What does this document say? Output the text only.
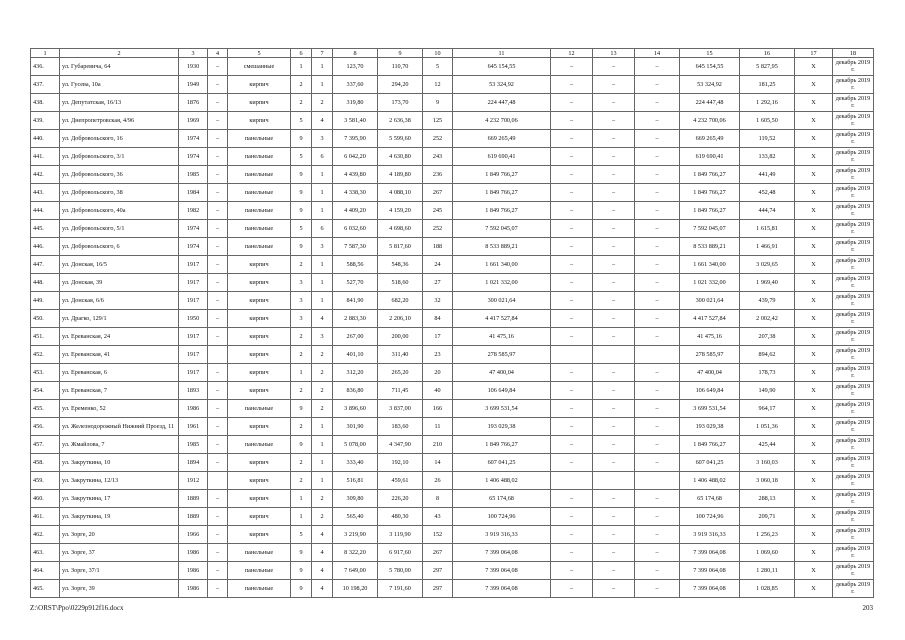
1	2	3	4	5	6	7	8	9	10	11	12	13	14	15	16	17	18
436.	ул. Губаревича, 64	1930	–	смешанные	1	1	123,70	110,70	5	645 154,55	–	–	–	645 154,55	5 827,95	Х	декабрь 2019 г.
437.	ул. Гусева, 10а	1949	–	кирпич	2	1	337,60	294,20	12	53 324,92	–	–	–	53 324,92	181,25	Х	декабрь 2019 г.
438.	ул. Депутатская, 16/13	1876	–	кирпич	2	2	319,80	173,70	9	224 447,48	–	–	–	224 447,48	1 292,16	Х	декабрь 2019 г.
439.	ул. Днепропетровская, 4/96	1969	–	кирпич	5	4	3 581,40	2 636,38	125	4 232 700,06	–	–	–	4 232 700,06	1 605,50	Х	декабрь 2019 г.
440.	ул. Добровольского, 16	1974	–	панельные	9	3	7 395,90	5 599,60	252	669 265,49	–	–	–	669 265,49	119,52	Х	декабрь 2019 г.
441.	ул. Добровольского, 3/1	1974	–	панельные	5	6	6 042,20	4 630,80	243	619 690,41	–	–	–	619 690,41	133,82	Х	декабрь 2019 г.
442.	ул. Добровольского, 36	1985	–	панельные	9	1	4 439,80	4 189,80	236	1 849 766,27	–	–	–	1 849 766,27	441,49	Х	декабрь 2019 г.
443.	ул. Добровольского, 38	1984	–	панельные	9	1	4 338,30	4 088,10	267	1 849 766,27	–	–	–	1 849 766,27	452,48	Х	декабрь 2019 г.
444.	ул. Добровольского, 40а	1982	–	панельные	9	1	4 409,20	4 159,20	245	1 849 766,27	–	–	–	1 849 766,27	444,74	Х	декабрь 2019 г.
445.	ул. Добровольского, 5/1	1974	–	панельные	5	6	6 032,60	4 698,60	252	7 592 045,07	–	–	–	7 592 045,07	1 615,81	Х	декабрь 2019 г.
446.	ул. Добровольского, 6	1974	–	панельные	9	3	7 587,30	5 817,60	188	8 533 889,21	–	–	–	8 533 889,21	1 466,91	Х	декабрь 2019 г.
447.	ул. Донская, 16/5	1917	–	кирпич	2	1	588,56	548,36	24	1 661 340,00	–	–	–	1 661 340,00	3 029,65	Х	декабрь 2019 г.
448.	ул. Донская, 39	1917	–	кирпич	3	1	527,70	518,60	27	1 021 332,00	–	–	–	1 021 332,00	1 969,40	Х	декабрь 2019 г.
449.	ул. Донская, 6/6	1917	–	кирпич	3	1	841,90	682,20	32	300 021,64	–	–	–	300 021,64	439,79	Х	декабрь 2019 г.
450.	ул. Драгко, 129/1	1950	–	кирпич	3	4	2 883,30	2 206,10	84	4 417 527,84	–	–	–	4 417 527,84	2 002,42	Х	декабрь 2019 г.
451.	ул. Ереванская, 24	1917	–	кирпич	2	3	267,00	200,00	17	41 475,16	–	–	–	41 475,16	207,38	Х	декабрь 2019 г.
452.	ул. Ереванская, 41	1917		кирпич	2	2	401,10	311,40	23	278 585,97				278 585,97	894,62	Х	декабрь 2019 г.
453.	ул. Ереванская, 6	1917	–	кирпич	1	2	312,20	265,20	20	47 400,04	–	–	–	47 400,04	178,73	Х	декабрь 2019 г.
454.	ул. Ереванская, 7	1893	–	кирпич	2	2	836,80	711,45	40	106 649,84	–	–	–	106 649,84	149,90	Х	декабрь 2019 г.
455.	ул. Еременко, 52	1986	–	панельные	9	2	3 896,60	3 837,00	166	3 699 531,54	–	–	–	3 699 531,54	964,17	Х	декабрь 2019 г.
456.	ул. Железнодорожный Нижний Проезд, 11	1961	–	кирпич	2	1	301,90	183,60	11	193 029,38	–	–	–	193 029,38	1 051,36	Х	декабрь 2019 г.
457.	ул. Жмайлова, 7	1985	–	панельные	9	1	5 078,00	4 347,90	210	1 849 766,27	–	–	–	1 849 766,27	425,44	Х	декабрь 2019 г.
458.	ул. Закруткина, 10	1894	–	кирпич	2	1	333,40	192,10	14	607 041,25	–	–	–	607 041,25	3 160,03	Х	декабрь 2019 г.
459.	ул. Закруткина, 12/13	1912		кирпич	2	1	516,81	459,61	26	1 406 488,02				1 406 488,02	3 060,18	Х	декабрь 2019 г.
460.	ул. Закруткина, 17	1889	–	кирпич	1	2	309,80	226,20	8	65 174,68	–	–	–	65 174,68	288,13	Х	декабрь 2019 г.
461.	ул. Закруткина, 19	1889	–	кирпич	1	2	565,40	480,30	43	100 724,96	–	–	–	100 724,96	209,71	Х	декабрь 2019 г.
462.	ул. Зорге, 20	1966	–	кирпич	5	4	3 219,90	3 119,90	152	3 919 316,33	–	–	–	3 919 316,33	1 256,23	Х	декабрь 2019 г.
463.	ул. Зорге, 37	1986	–	панельные	9	4	8 322,20	6 917,60	267	7 399 064,08	–	–	–	7 399 064,08	1 069,60	Х	декабрь 2019 г.
464.	ул. Зорге, 37/1	1986	–	панельные	9	4	7 649,00	5 780,00	297	7 399 064,08	–	–	–	7 399 064,08	1 280,11	Х	декабрь 2019 г.
465.	ул. Зорге, 39	1986	–	панельные	9	4	10 198,20	7 191,60	297	7 399 064,08	–	–	–	7 399 064,08	1 028,85	Х	декабрь 2019 г.
Z:\ORST\Ppo\0229p912f16.docx	203
